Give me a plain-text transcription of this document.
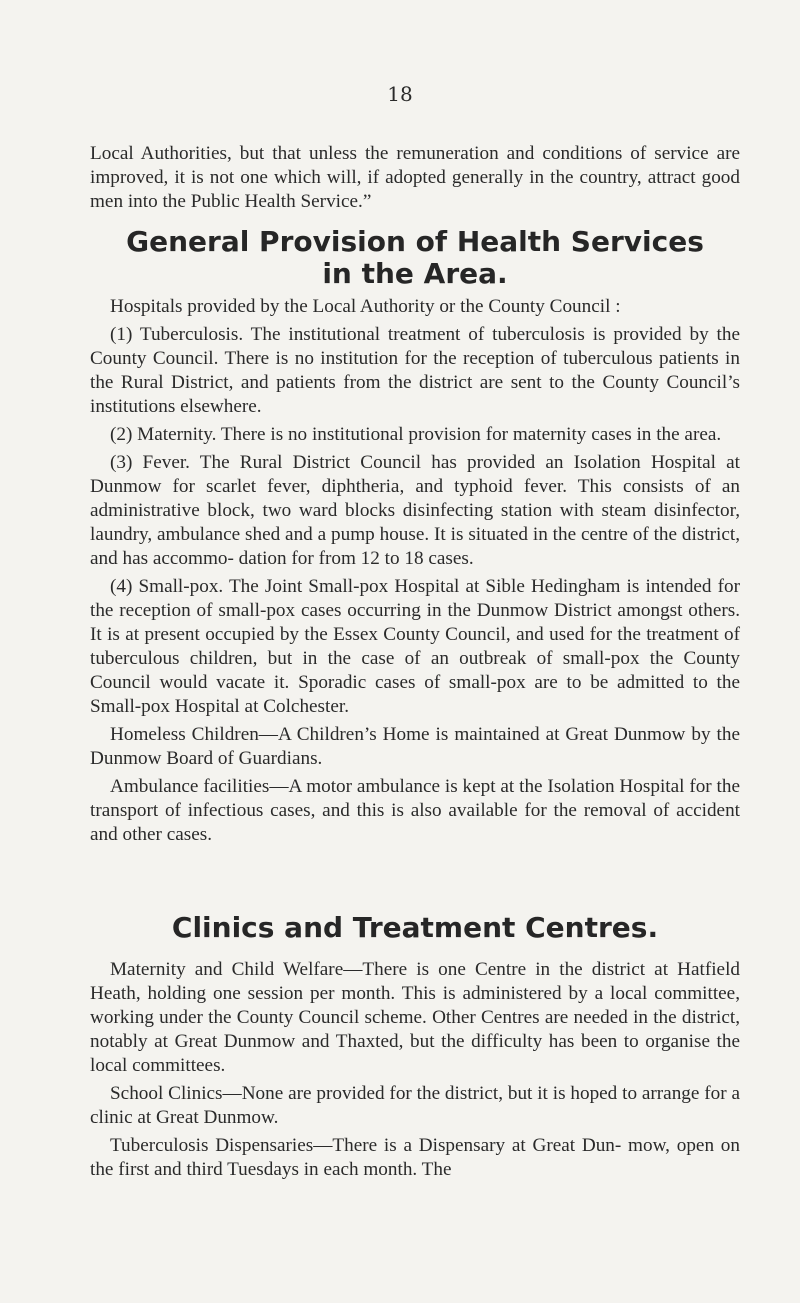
18

Local Authorities, but that unless the remuneration and conditions of service are improved, it is not one which will, if adopted generally in the country, attract good men into the Public Health Service.”

General Provision of Health Services
in the Area.

Hospitals provided by the Local Authority or the County Council :

(1) Tuberculosis. The institutional treatment of tuberculosis is provided by the County Council. There is no institution for the reception of tuberculous patients in the Rural District, and patients from the district are sent to the County Council’s institutions elsewhere.

(2) Maternity. There is no institutional provision for maternity cases in the area.

(3) Fever. The Rural District Council has provided an Isolation Hospital at Dunmow for scarlet fever, diphtheria, and typhoid fever. This consists of an administrative block, two ward blocks disinfecting station with steam disinfector, laundry, ambulance shed and a pump house. It is situated in the centre of the district, and has accommo- dation for from 12 to 18 cases.

(4) Small-pox. The Joint Small-pox Hospital at Sible Hedingham is intended for the reception of small-pox cases occurring in the Dunmow District amongst others. It is at present occupied by the Essex County Council, and used for the treatment of tuberculous children, but in the case of an outbreak of small-pox the County Council would vacate it. Sporadic cases of small-pox are to be admitted to the Small-pox Hospital at Colchester.

Homeless Children—A Children’s Home is maintained at Great Dunmow by the Dunmow Board of Guardians.

Ambulance facilities—A motor ambulance is kept at the Isolation Hospital for the transport of infectious cases, and this is also available for the removal of accident and other cases.

Clinics and Treatment Centres.

Maternity and Child Welfare—There is one Centre in the district at Hatfield Heath, holding one session per month. This is administered by a local committee, working under the County Council scheme. Other Centres are needed in the district, notably at Great Dunmow and Thaxted, but the difficulty has been to organise the local committees.

School Clinics—None are provided for the district, but it is hoped to arrange for a clinic at Great Dunmow.

Tuberculosis Dispensaries—There is a Dispensary at Great Dun- mow, open on the first and third Tuesdays in each month. The
